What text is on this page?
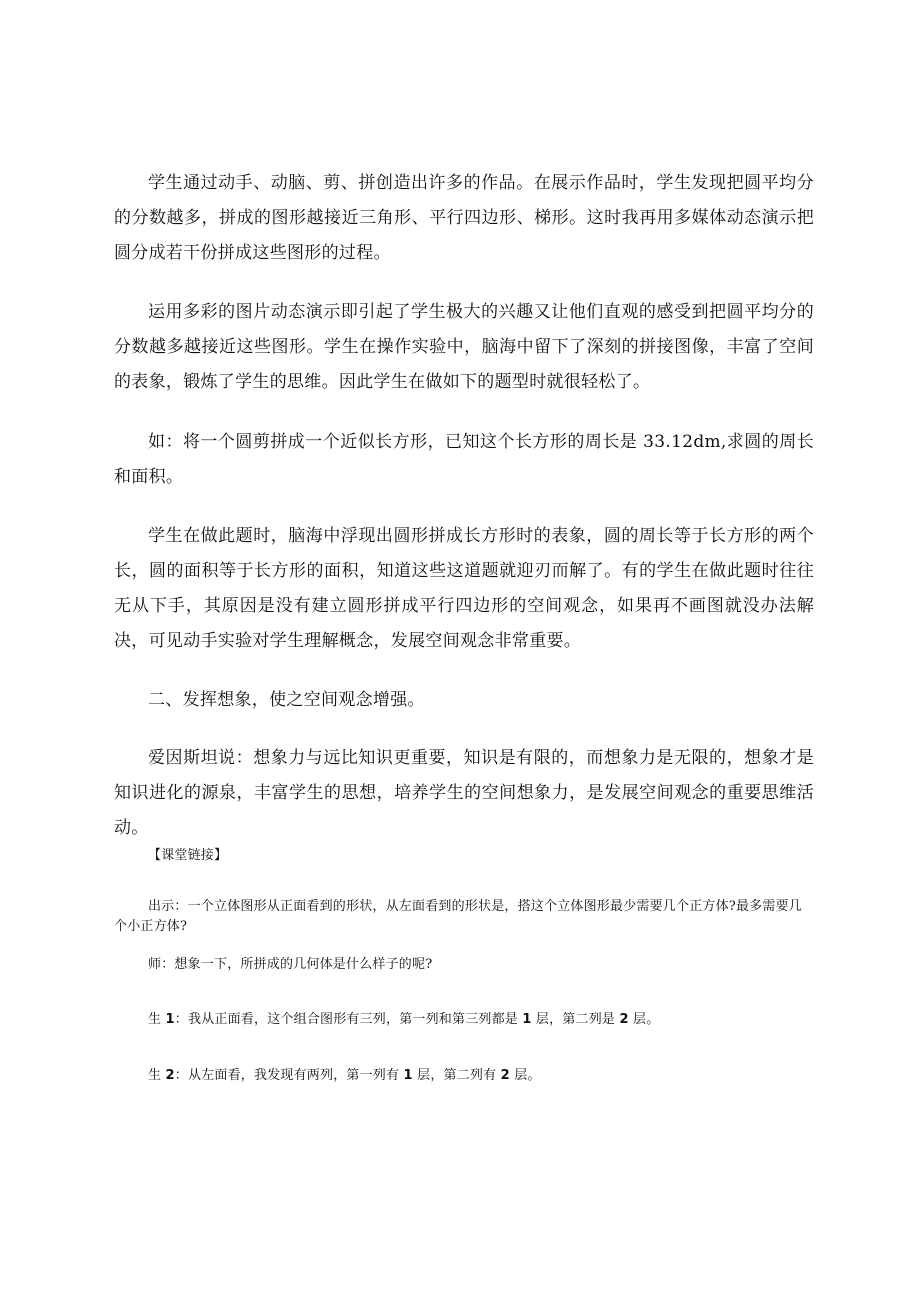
学生通过动手、动脑、剪、拼创造出许多的作品。在展示作品时，学生发现把圆平均分的分数越多，拼成的图形越接近三角形、平行四边形、梯形。这时我再用多媒体动态演示把圆分成若干份拼成这些图形的过程。

运用多彩的图片动态演示即引起了学生极大的兴趣又让他们直观的感受到把圆平均分的分数越多越接近这些图形。学生在操作实验中，脑海中留下了深刻的拼接图像，丰富了空间的表象，锻炼了学生的思维。因此学生在做如下的题型时就很轻松了。

如：将一个圆剪拼成一个近似长方形，已知这个长方形的周长是 33.12dm,求圆的周长和面积。

学生在做此题时，脑海中浮现出圆形拼成长方形时的表象，圆的周长等于长方形的两个长，圆的面积等于长方形的面积，知道这些这道题就迎刃而解了。有的学生在做此题时往往无从下手，其原因是没有建立圆形拼成平行四边形的空间观念，如果再不画图就没办法解决，可见动手实验对学生理解概念，发展空间观念非常重要。

二、发挥想象，使之空间观念增强。

爱因斯坦说：想象力与远比知识更重要，知识是有限的，而想象力是无限的，想象才是知识进化的源泉，丰富学生的思想，培养学生的空间想象力，是发展空间观念的重要思维活动。

【课堂链接】

出示：一个立体图形从正面看到的形状，从左面看到的形状是，搭这个立体图形最少需要几个正方体?最多需要几个小正方体?

师：想象一下，所拼成的几何体是什么样子的呢?

生 1：我从正面看，这个组合图形有三列，第一列和第三列都是 1 层，第二列是 2 层。

生 2：从左面看，我发现有两列，第一列有 1 层，第二列有 2 层。
